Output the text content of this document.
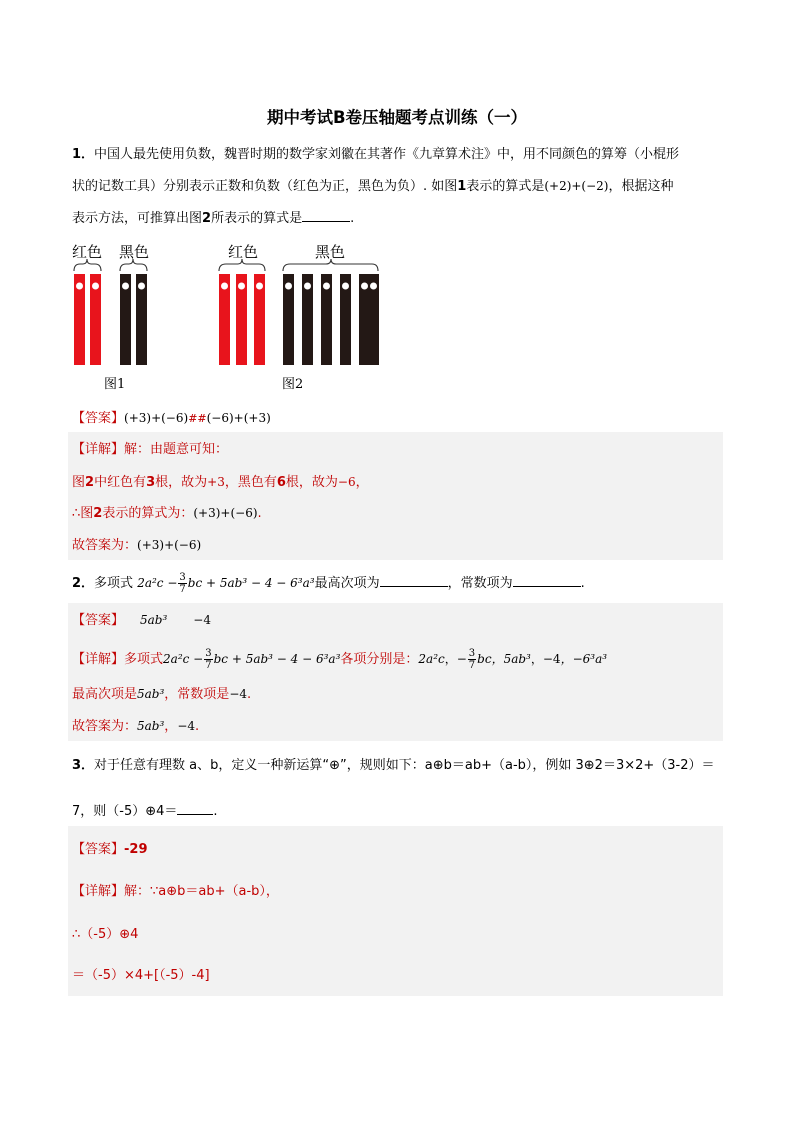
期中考试B卷压轴题考点训练（一）
1．中国人最先使用负数，魏晋时期的数学家刘徽在其著作《九章算术注》中，用不同颜色的算筹（小棍形
状的记数工具）分别表示正数和负数（红色为正，黑色为负）. 如图1表示的算式是(+2)+(−2)，根据这种
表示方法，可推算出图2所表示的算式是	.
红色 黑色
图1
红色	黑色
图2
【答案】(+3)+(−6)##(−6)+(+3)
【详解】解：由题意可知：
图2中红色有3根，故为+3，黑色有6根，故为−6，
∴图2表示的算式为：(+3)+(−6).
故答案为：(+3)+(−6)
2．多项式 $2a^2c - \frac{3}{7}$ bc + 5ab³ − 4 − 6³a³最高次项为	，常数项为	.
【答案】 5ab³ −4
【详解】多项式$2a^2c - \frac{3}{7}$ bc + 5ab³ − 4 − 6³a³各项分别是：2a²c，− $\frac{3}{7}$ bc，5ab³，−4，−6³a³
最高次项是5ab³，常数项是−4.
故答案为：5ab³，−4.
3．对于任意有理数 a、b，定义一种新运算“⊕”，规则如下：a⊕b＝ab+（a-b），例如 3⊕2＝3×2+（3-2）＝
7，则（-5）⊕4＝	.
【答案】-29
【详解】解：∵a⊕b＝ab+（a-b），
∴（-5）⊕4
＝（-5）×4+[（-5）-4]
